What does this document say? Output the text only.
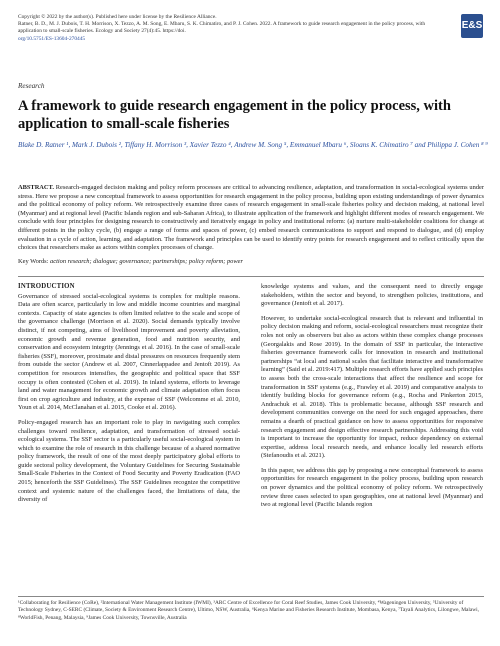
Copyright © 2022 by the author(s). Published here under license by the Resilience Alliance.
Ratner, B. D., M. J. Dubois, T. H. Morrison, X. Tezzo, A. M. Song, E. Mbaru, S. K. Chimatiro, and P. J. Cohen. 2022. A framework to guide research engagement in the policy process, with application to small-scale fisheries. Ecology and Society 27(4):45. https://doi.
org/10.5751/ES-13604-270445
E&S
Research
A framework to guide research engagement in the policy process, with application to small-scale fisheries
Blake D. Ratner ¹, Mark J. Dubois ², Tiffany H. Morrison ³, Xavier Tezzo ⁴, Andrew M. Song ⁵, Emmanuel Mbaru ⁶, Sloans K. Chimatiro ⁷ and Philippa J. Cohen ⁸ ⁹
ABSTRACT. Research-engaged decision making and policy reform processes are critical to advancing resilience, adaptation, and transformation in social-ecological systems under stress. Here we propose a new conceptual framework to assess opportunities for research engagement in the policy process, building upon existing understandings of power dynamics and the political economy of policy reform. We retrospectively examine three cases of research engagement in small-scale fisheries policy and decision making, at national level (Myanmar) and at regional level (Pacific Islands region and sub-Saharan Africa), to illustrate application of the framework and highlight different modes of research engagement. We conclude with four principles for designing research to constructively and iteratively engage in policy and institutional reform: (a) nurture multi-stakeholder coalitions for change at different points in the policy cycle, (b) engage a range of forms and spaces of power, (c) embed research communications to support and respond to dialogue, and (d) employ evaluation in a cycle of action, learning, and adaptation. The framework and principles can be used to identify entry points for research engagement and to reflect critically upon the choices that researchers make as actors within complex processes of change.
Key Words: action research; dialogue; governance; partnerships; policy reform; power
INTRODUCTION

Governance of stressed social-ecological systems is complex for multiple reasons. Data are often scarce, particularly in low and middle income countries and marginal contexts. Capacity of state agencies is often limited relative to the scale and scope of the governance challenge (Morrison et al. 2020). Social demands typically involve distinct, if not competing, aims of livelihood improvement and poverty alleviation, economic growth and revenue generation, food and nutrition security, and conservation and ecosystem integrity (Jennings et al. 2016). In the case of small-scale fisheries (SSF), moreover, proximate and distal pressures on resources frequently stem from outside the sector (Andrew et al. 2007, Cinnerlappadee and Jentoft 2019). As competition for resources intensifies, the geographic and political space that SSF occupy is often contested (Cohen et al. 2019). In inland systems, efforts to leverage land and water management for economic growth and climate adaptation often focus first on crop agriculture and industry, at the expense of SSF (Welcomme et al. 2010, Youn et al. 2014, McClanahan et al. 2015, Cooke et al. 2016).

Policy-engaged research has an important role to play in navigating such complex challenges toward resilience, adaptation, and transformation of stressed social-ecological systems. The SSF sector is a particularly useful social-ecological system in which to examine the role of research in this challenge because of a shared normative policy framework, the result of one of the most deeply participatory global efforts to guide sectoral policy development, the Voluntary Guidelines for Securing Sustainable Small-Scale Fisheries in the Context of Food Security and Poverty Eradication (FAO 2015; henceforth the SSF Guidelines). The SSF Guidelines recognize the competitive context and systemic nature of the challenges faced, the limitations of data, the diversity of

knowledge systems and values, and the consequent need to directly engage stakeholders, within the sector and beyond, to strengthen policies, institutions, and governance (Jentoft et al. 2017).

However, to undertake social-ecological research that is relevant and influential in policy decision making and reform, social-ecological researchers must recognize their roles not only as observers but also as actors within these complex change processes (Georgalakis and Rose 2019). In the domain of SSF in particular, the interactive fisheries governance framework calls for innovation in research and institutional partnerships “at local and national scales that facilitate interactive and transformative learning” (Said et al. 2019:417). Multiple research efforts have applied such principles to assess both the cross-scale interactions that affect the resilience and scope for transformation in SSF systems (e.g., Frawley et al. 2019) and comparative analysis to identify building blocks for governance reform (e.g., Rocha and Pinkerton 2015, Andrachuk et al. 2018). This is problematic because, although SSF research and development communities converge on the need for such engaged approaches, there remains a dearth of practical guidance on how to assess opportunities for responsive research engagement and design effective research partnerships. Addressing this void is important to increase the opportunity for impact, reduce dependency on external expertise, address local research needs, and enhance locally led research efforts (Stefanoudis et al. 2021).

In this paper, we address this gap by proposing a new conceptual framework to assess opportunities for research engagement in the policy process, building upon research on power dynamics and the political economy of policy reform. We retrospectively review three cases selected to span geographies, one at national level (Myanmar) and two at regional level (Pacific Islands region

¹Collaborating for Resilience (CoRe), ²International Water Management Institute (IWMI), ³ARC Centre of Excellence for Coral Reef Studies, James Cook University, ⁴Wageningen University, ⁵University of Technology Sydney, C-SERC (Climate, Society & Environment Research Centre), Ultimo, NSW, Australia, ⁶Kenya Marine and Fisheries Research Institute, Mombasa, Kenya, ⁷Tayali Analytics, Lilongwe, Malawi, ⁸WorldFish, Penang, Malaysia, ⁹James Cook University, Townsville, Australia
